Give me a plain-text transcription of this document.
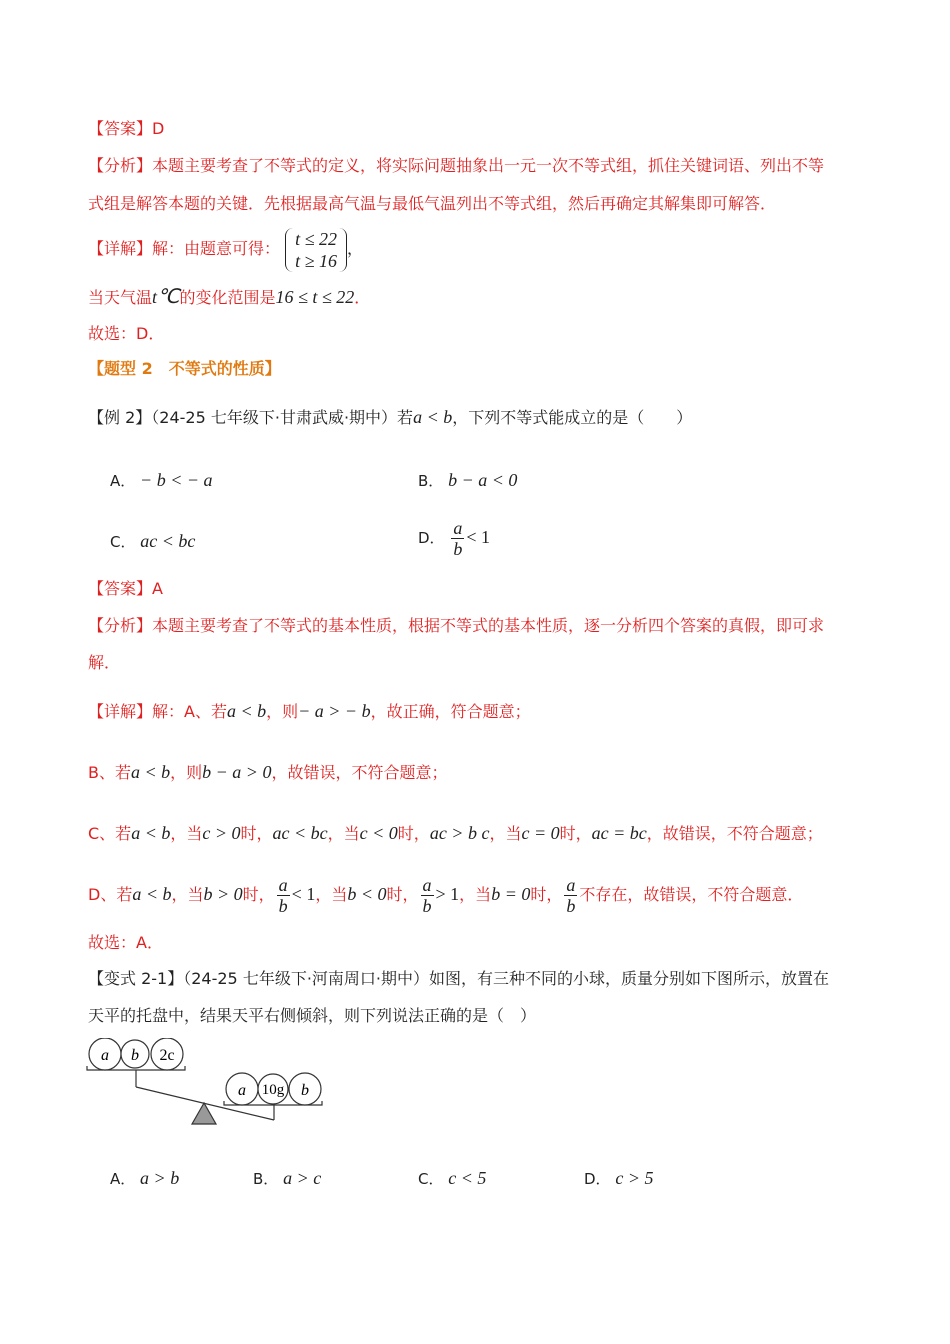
【答案】D
【分析】本题主要考查了不等式的定义，将实际问题抽象出一元一次不等式组，抓住关键词语、列出不等
式组是解答本题的关键．先根据最高气温与最低气温列出不等式组，然后再确定其解集即可解答．
【详解】解：由题意可得： t ≤ 22
t ≥ 16
，
当天气温t℃的变化范围是16 ≤ t ≤ 22．
故选：D．
【题型 2　不等式的性质】
【例 2】（24-25 七年级下·甘肃武威·期中）若a < b，下列不等式能成立的是（　　）
A． − b < − a	B． b − a < 0
C． ac < bc	D． $\frac{a}{b} < 1$
【答案】A
【分析】本题主要考查了不等式的基本性质，根据不等式的基本性质，逐一分析四个答案的真假，即可求
解．
【详解】解：A、若a < b，则− a > − b，故正确，符合题意；
B、若a < b，则b − a > 0，故错误，不符合题意；
C、若a < b，当c > 0时，ac < bc，当c < 0时，ac > b c，当c = 0时，ac = bc，故错误，不符合题意；
D、若a < b，当b > 0时， $\frac{a}{b} < 1$，当b < 0时， $\frac{a}{b} > 1$，当b = 0时， $\frac{a}{b}$ 不存在，故错误，不符合题意．
故选：A．
【变式 2-1】（24-25 七年级下·河南周口·期中）如图，有三种不同的小球，质量分别如下图所示，放置在
天平的托盘中，结果天平右侧倾斜，则下列说法正确的是（　）
a b 2c
a 10g b
A． a > b	B． a > c	C． c < 5	D． c > 5
